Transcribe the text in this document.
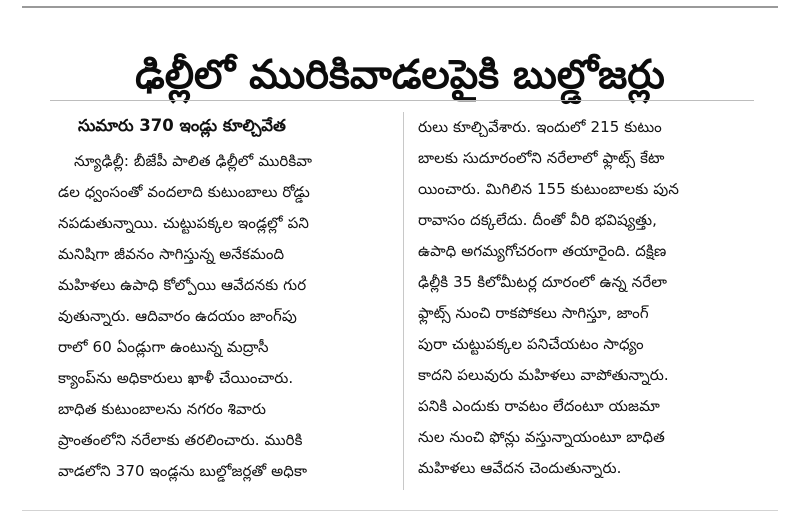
ఢిల్లీలో మురికివాడలపైకి బుల్డోజర్లు
సుమారు 370 ఇండ్లు కూల్చివేత
న్యూఢిల్లీ: బీజేపీ పాలిత ఢిల్లీలో మురికివా
డల ధ్వంసంతో వందలాది కుటుంబాలు రోడ్డు
నపడుతున్నాయి. చుట్టుపక్కల ఇండ్లల్లో పని
మనిషిగా జీవనం సాగిస్తున్న అనేకమంది
మహిళలు ఉపాధి కోల్పోయి ఆవేదనకు గుర
వుతున్నారు. ఆదివారం ఉదయం జాంగ్‌పు
రాలో 60 ఏండ్లుగా ఉంటున్న మద్రాసీ
క్యాంప్‌ను అధికారులు ఖాళీ చేయించారు.
బాధిత కుటుంబాలను నగరం శివారు
ప్రాంతంలోని నరేలాకు తరలించారు. మురికి
వాడలోని 370 ఇండ్లను బుల్డోజర్లతో అధికా
రులు కూల్చివేశారు. ఇందులో 215 కుటుం
బాలకు సుదూరంలోని నరేలాలో ఫ్లాట్స్ కేటా
యించారు. మిగిలిన 155 కుటుంబాలకు పున
రావాసం దక్కలేదు. దీంతో వీరి భవిష్యత్తు,
ఉపాధి అగమ్యగోచరంగా తయారైంది. దక్షిణ
ఢిల్లీకి 35 కిలోమీటర్ల దూరంలో ఉన్న నరేలా
ఫ్లాట్స్ నుంచి రాకపోకలు సాగిస్తూ, జాంగ్
పురా చుట్టుపక్కల పనిచేయటం సాధ్యం
కాదని పలువురు మహిళలు వాపోతున్నారు.
పనికి ఎందుకు రావటం లేదంటూ యజమా
నుల నుంచి ఫోన్లు వస్తున్నాయంటూ బాధిత
మహిళలు ఆవేదన చెందుతున్నారు.
